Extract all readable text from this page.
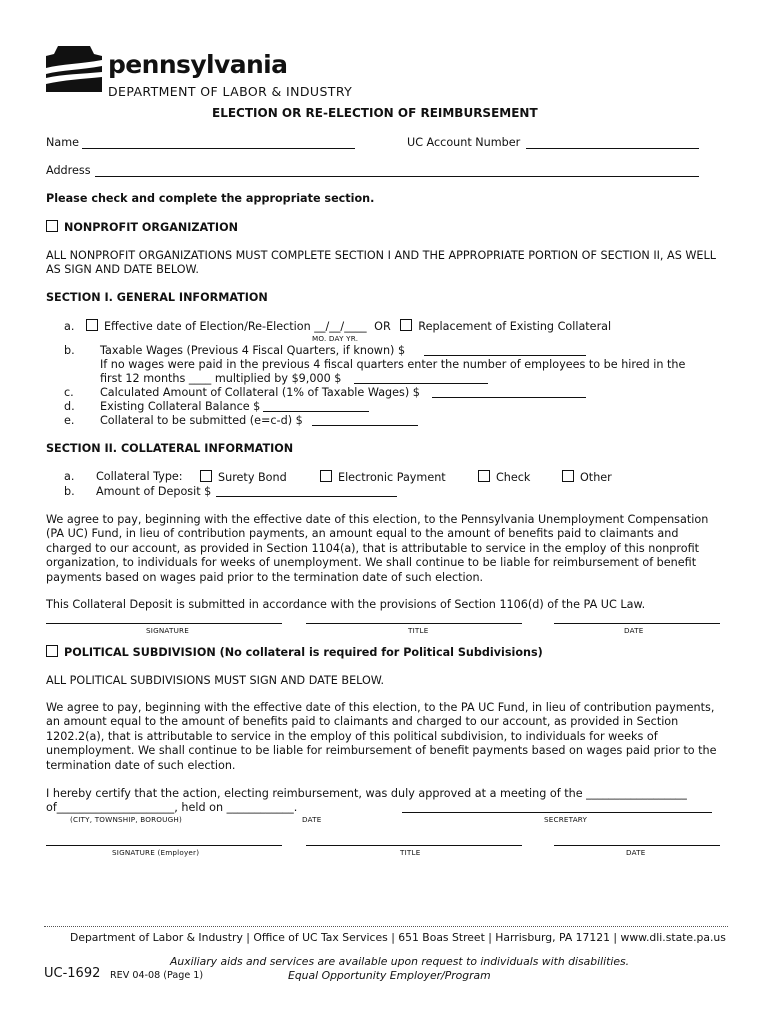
pennsylvania
DEPARTMENT OF LABOR & INDUSTRY
ELECTION OR RE-ELECTION OF REIMBURSEMENT
Name	UC Account Number
Address
Please check and complete the appropriate section.
NONPROFIT ORGANIZATION
ALL NONPROFIT ORGANIZATIONS MUST COMPLETE SECTION I AND THE APPROPRIATE PORTION OF SECTION II, AS WELL AS SIGN AND DATE BELOW.
SECTION I. GENERAL INFORMATION
a.	Effective date of Election/Re-Election __/__/____ OR Replacement of Existing Collateral
MO. DAY YR.
b. Taxable Wages (Previous 4 Fiscal Quarters, if known) $
If no wages were paid in the previous 4 fiscal quarters enter the number of employees to be hired in the
first 12 months ____ multiplied by $9,000 $
c. Calculated Amount of Collateral (1% of Taxable Wages) $
d. Existing Collateral Balance $
e. Collateral to be submitted (e=c-d) $
SECTION II. COLLATERAL INFORMATION
a. Collateral Type:	Surety Bond	Electronic Payment	Check	Other
b. Amount of Deposit $
We agree to pay, beginning with the effective date of this election, to the Pennsylvania Unemployment Compensation (PA UC) Fund, in lieu of contribution payments, an amount equal to the amount of benefits paid to claimants and charged to our account, as provided in Section 1104(a), that is attributable to service in the employ of this nonprofit organization, to individuals for weeks of unemployment. We shall continue to be liable for reimbursement of benefit payments based on wages paid prior to the termination date of such election.
This Collateral Deposit is submitted in accordance with the provisions of Section 1106(d) of the PA UC Law.
SIGNATURE	TITLE	DATE
POLITICAL SUBDIVISION (No collateral is required for Political Subdivisions)
ALL POLITICAL SUBDIVISIONS MUST SIGN AND DATE BELOW.
We agree to pay, beginning with the effective date of this election, to the PA UC Fund, in lieu of contribution payments, an amount equal to the amount of benefits paid to claimants and charged to our account, as provided in Section 1202.2(a), that is attributable to service in the employ of this political subdivision, to individuals for weeks of unemployment. We shall continue to be liable for reimbursement of benefit payments based on wages paid prior to the termination date of such election.
I hereby certify that the action, electing reimbursement, was duly approved at a meeting of the __________________
of_____________________, held on ____________.
(CITY, TOWNSHIP, BOROUGH)	DATE	SECRETARY
SIGNATURE (Employer)	TITLE	DATE
Department of Labor & Industry | Office of UC Tax Services | 651 Boas Street | Harrisburg, PA 17121 | www.dli.state.pa.us
Auxiliary aids and services are available upon request to individuals with disabilities.
UC-1692 REV 04-08 (Page 1)	Equal Opportunity Employer/Program
